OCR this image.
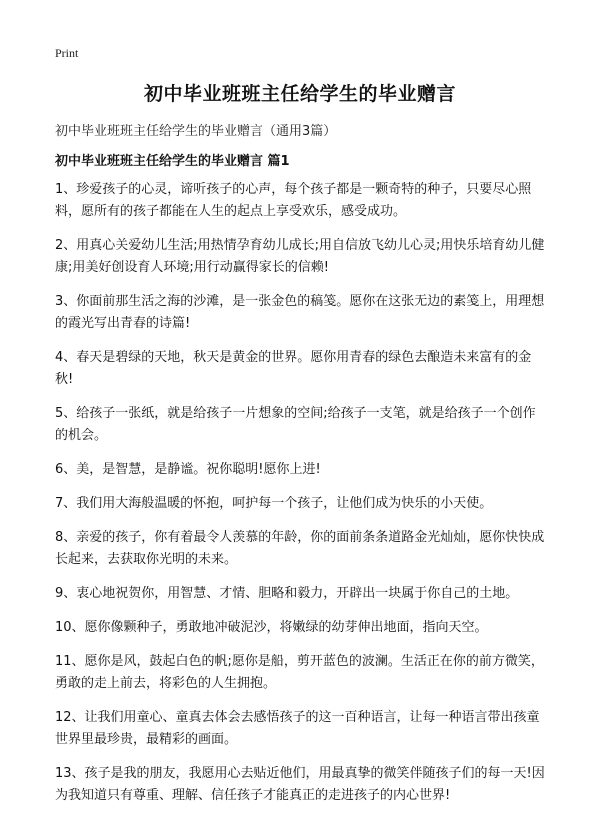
Print
初中毕业班班主任给学生的毕业赠言
初中毕业班班主任给学生的毕业赠言（通用3篇）
初中毕业班班主任给学生的毕业赠言 篇1

1、珍爱孩子的心灵，谛听孩子的心声，每个孩子都是一颗奇特的种子，只要尽心照料，愿所有的孩子都能在人生的起点上享受欢乐，感受成功。

2、用真心关爱幼儿生活;用热情孕育幼儿成长;用自信放飞幼儿心灵;用快乐培育幼儿健康;用美好创设育人环境;用行动赢得家长的信赖!

3、你面前那生活之海的沙滩，是一张金色的稿笺。愿你在这张无边的素笺上，用理想的霞光写出青春的诗篇!

4、春天是碧绿的天地，秋天是黄金的世界。愿你用青春的绿色去酿造未来富有的金秋!

5、给孩子一张纸，就是给孩子一片想象的空间;给孩子一支笔，就是给孩子一个创作的机会。

6、美，是智慧，是静谧。祝你聪明!愿你上进!

7、我们用大海般温暖的怀抱，呵护每一个孩子，让他们成为快乐的小天使。

8、亲爱的孩子，你有着最令人羡慕的年龄，你的面前条条道路金光灿灿，愿你快快成长起来，去获取你光明的未来。

9、衷心地祝贺你，用智慧、才情、胆略和毅力，开辟出一块属于你自己的土地。

10、愿你像颗种子，勇敢地冲破泥沙，将嫩绿的幼芽伸出地面，指向天空。

11、愿你是风，鼓起白色的帆;愿你是船，剪开蓝色的波澜。生活正在你的前方微笑，勇敢的走上前去，将彩色的人生拥抱。

12、让我们用童心、童真去体会去感悟孩子的这一百种语言，让每一种语言带出孩童世界里最珍贵，最精彩的画面。

13、孩子是我的朋友，我愿用心去贴近他们，用最真挚的微笑伴随孩子们的每一天!因为我知道只有尊重、理解、信任孩子才能真正的走进孩子的内心世界!
